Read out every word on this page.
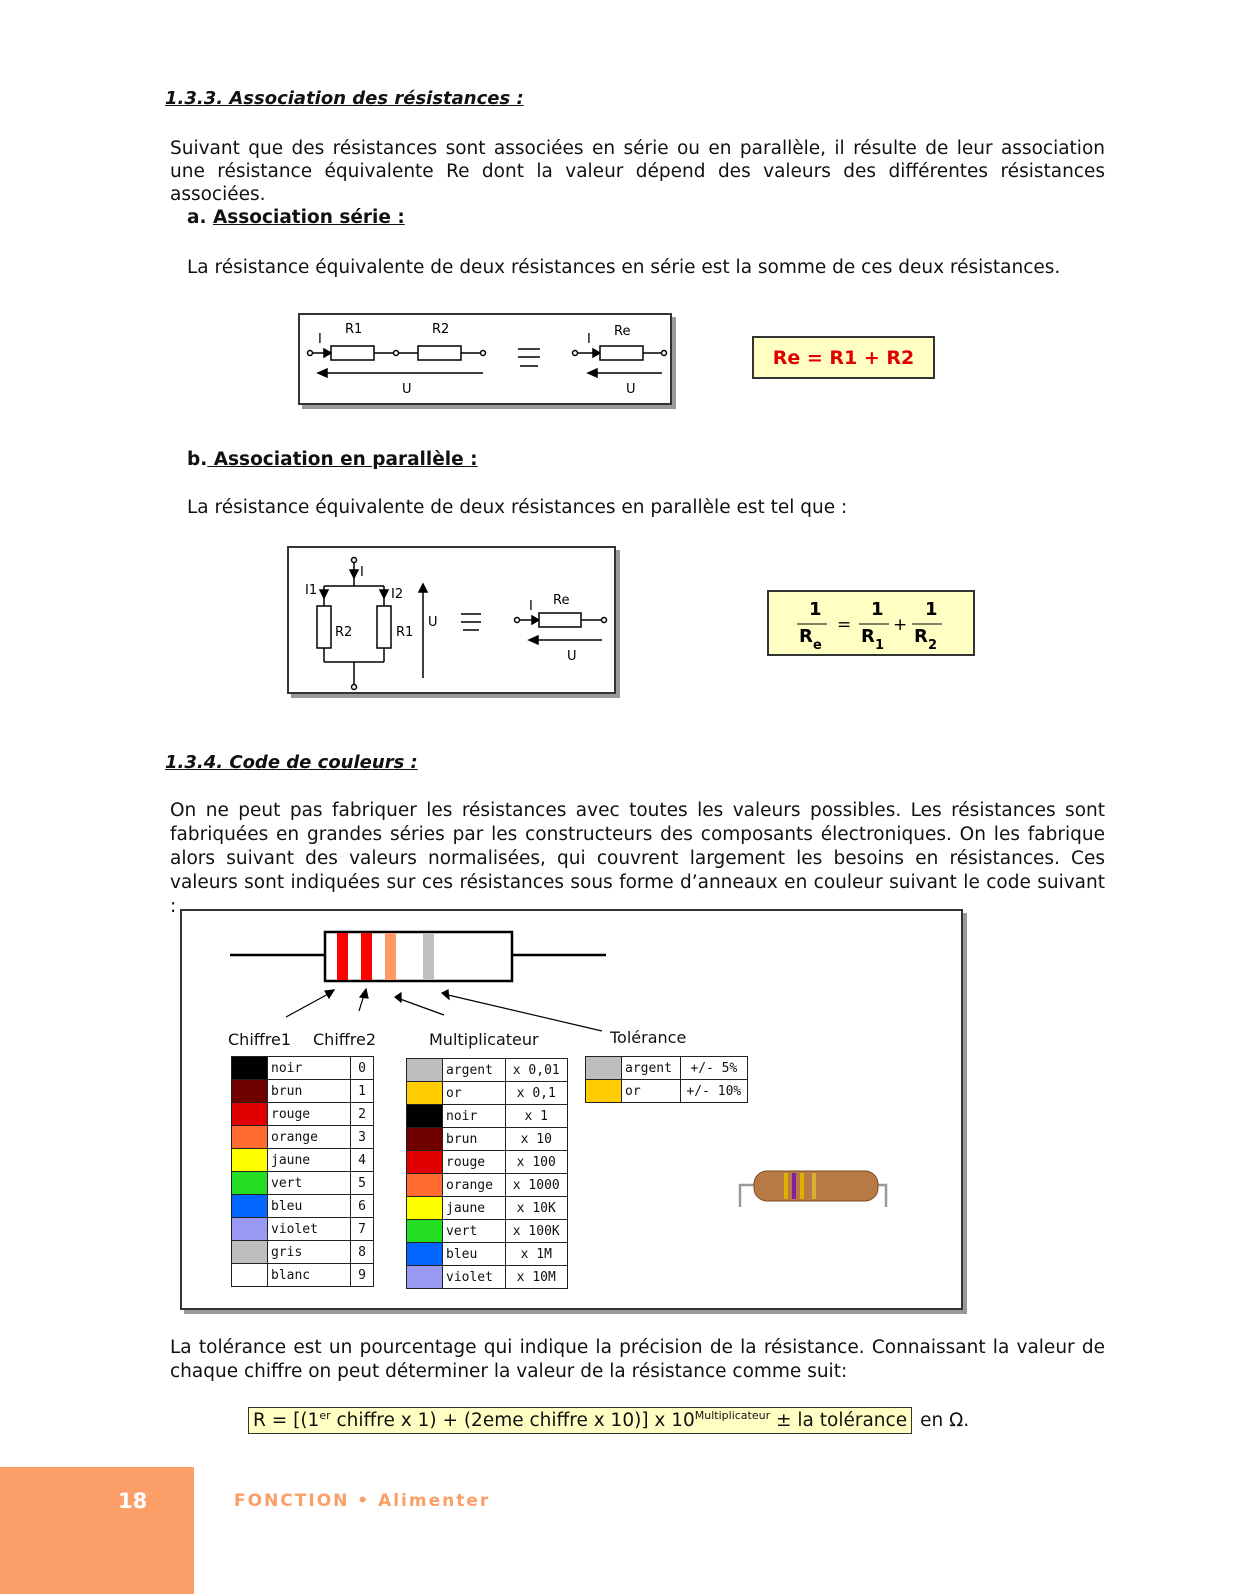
1.3.3. Association des résistances :
Suivant que des résistances sont associées en série ou en parallèle, il résulte de leur association une résistance équivalente Re dont la valeur dépend des valeurs des différentes résistances associées.
a. Association série :
La résistance équivalente de deux résistances en série est la somme de ces deux résistances.
I
R1	R2
U
I
Re
U
Re = R1 + R2
b. Association en parallèle :
La résistance équivalente de deux résistances en parallèle est tel que :
I
I1	I2
R2	R1
U
I Re
U
1	1 1
R	R R
e	1	2
= +
1.3.4. Code de couleurs :
On ne peut pas fabriquer les résistances avec toutes les valeurs possibles. Les résistances sont fabriquées en grandes séries par les constructeurs des composants électroniques. On les fabrique alors suivant des valeurs normalisées, qui couvrent largement les besoins en résistances. Ces valeurs sont indiquées sur ces résistances sous forme d’anneaux en couleur suivant le code suivant :
Chiffre1 Chiffre2	Multiplicateur	Tolérance
	noir	0
	brun	1
	rouge	2
	orange	3
	jaune	4
	vert	5
	bleu	6
	violet	7
	gris	8
	blanc	9
	argent	x 0,01
	or	x 0,1
	noir	x 1
	brun	x 10
	rouge	x 100
	orange	x 1000
	jaune	x 10K
	vert	x 100K
	bleu	x 1M
	violet	x 10M
	argent	+/- 5%
	or	+/- 10%
La tolérance est un pourcentage qui indique la précision de la résistance. Connaissant la valeur de chaque chiffre on peut déterminer la valeur de la résistance comme suit:
R = [(1er chiffre x 1) + (2eme chiffre x 10)] x $10^{Multiplicateur}$ ± la tolérance en Ω.
18	FONCTION • Alimenter
